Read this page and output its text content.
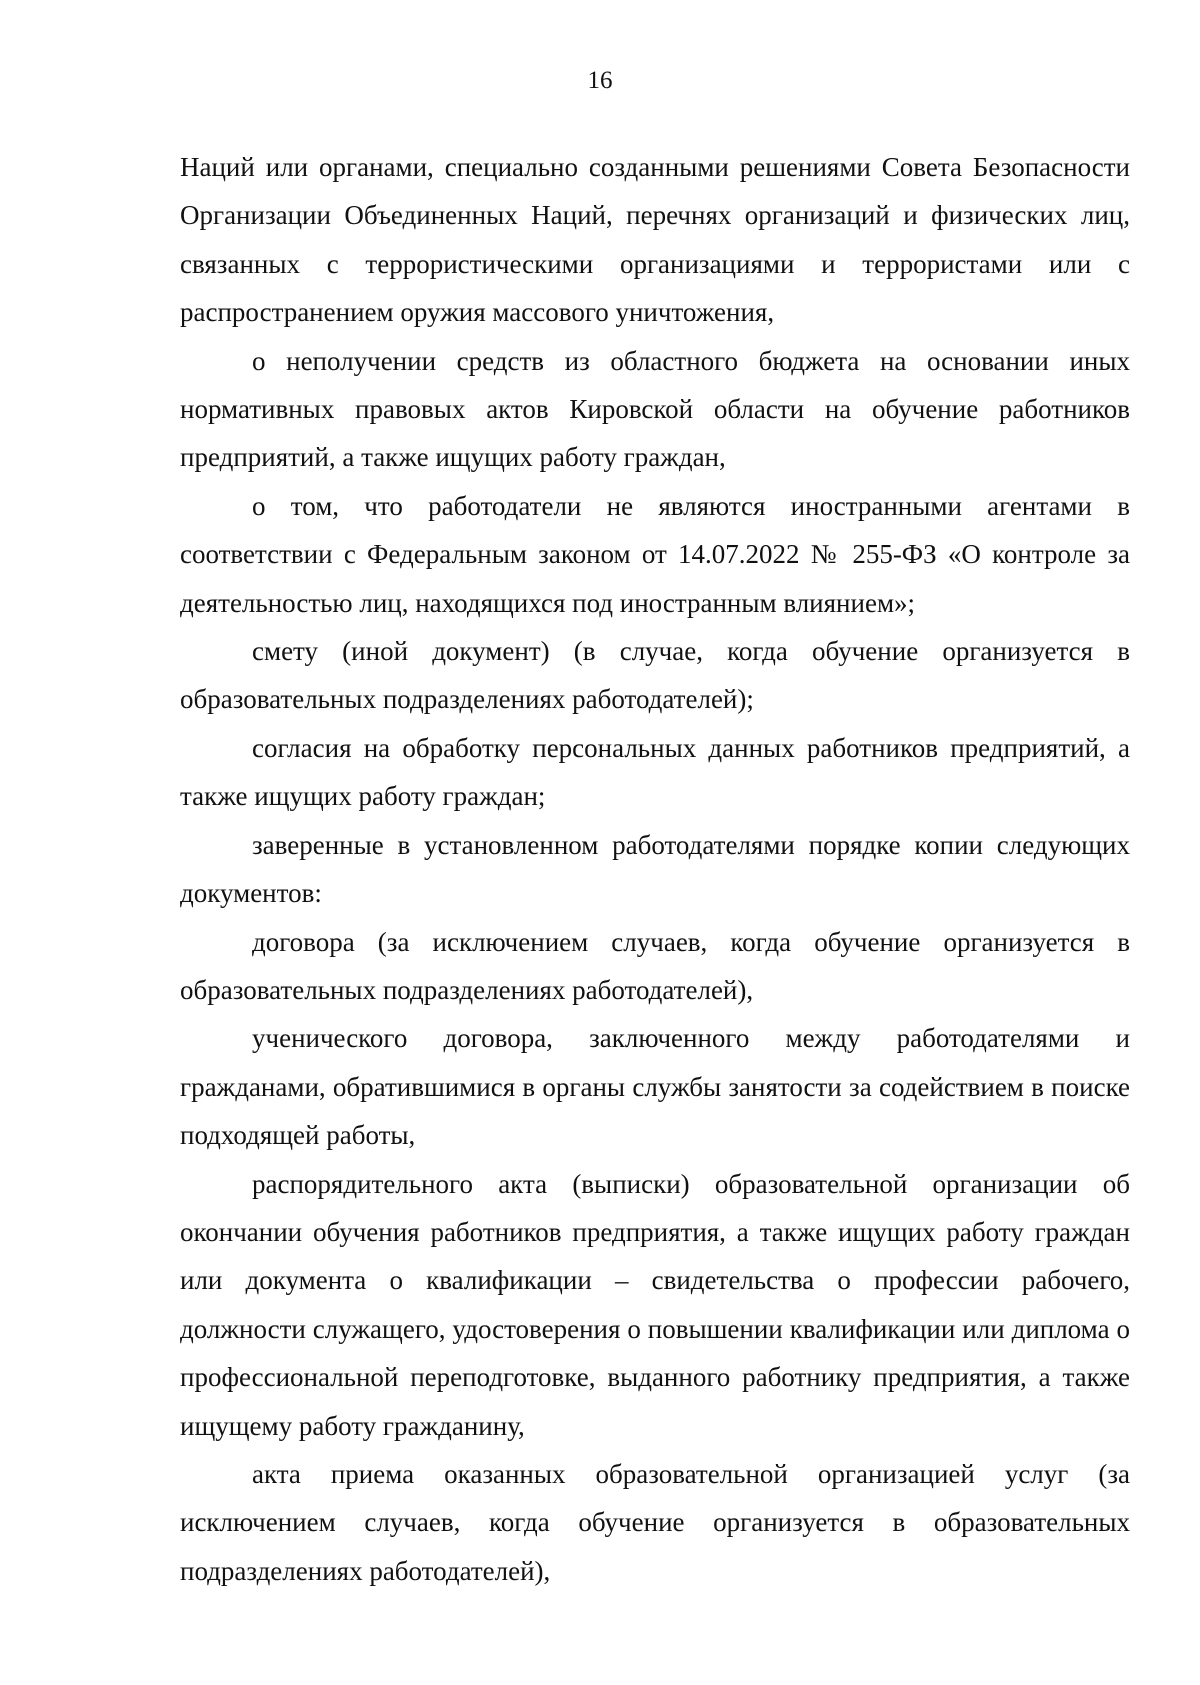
16

Наций или органами, специально созданными решениями Совета Безопасности Организации Объединенных Наций, перечнях организаций и физических лиц, связанных с террористическими организациями и террористами или с распространением оружия массового уничтожения,

о неполучении средств из областного бюджета на основании иных нормативных правовых актов Кировской области на обучение работников предприятий, а также ищущих работу граждан,

о том, что работодатели не являются иностранными агентами в соответствии с Федеральным законом от 14.07.2022 № 255-ФЗ «О контроле за деятельностью лиц, находящихся под иностранным влиянием»;

смету (иной документ) (в случае, когда обучение организуется в образовательных подразделениях работодателей);

согласия на обработку персональных данных работников предприятий, а также ищущих работу граждан;

заверенные в установленном работодателями порядке копии следующих документов:

договора (за исключением случаев, когда обучение организуется в образовательных подразделениях работодателей),

ученического договора, заключенного между работодателями и гражданами, обратившимися в органы службы занятости за содействием в поиске подходящей работы,

распорядительного акта (выписки) образовательной организации об окончании обучения работников предприятия, а также ищущих работу граждан или документа о квалификации – свидетельства о профессии рабочего, должности служащего, удостоверения о повышении квалификации или диплома о профессиональной переподготовке, выданного работнику предприятия, а также ищущему работу гражданину,

акта приема оказанных образовательной организацией услуг (за исключением случаев, когда обучение организуется в образовательных подразделениях работодателей),
